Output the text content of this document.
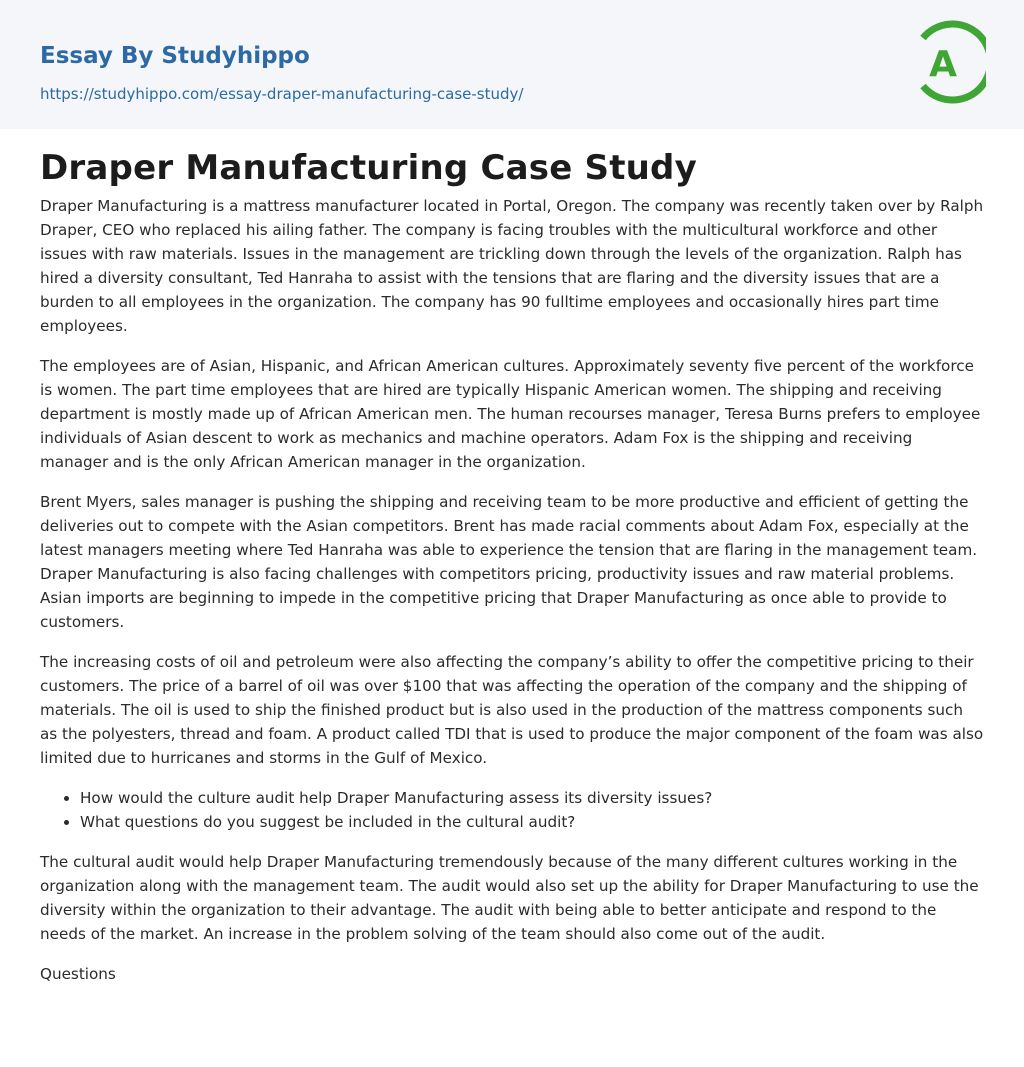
Essay By Studyhippo
https://studyhippo.com/essay-draper-manufacturing-case-study/
A
Draper Manufacturing Case Study

Draper Manufacturing is a mattress manufacturer located in Portal, Oregon. The company was recently taken over by Ralph Draper, CEO who replaced his ailing father. The company is facing troubles with the multicultural workforce and other issues with raw materials. Issues in the management are trickling down through the levels of the organization. Ralph has hired a diversity consultant, Ted Hanraha to assist with the tensions that are flaring and the diversity issues that are a burden to all employees in the organization. The company has 90 fulltime employees and occasionally hires part time employees.

The employees are of Asian, Hispanic, and African American cultures. Approximately seventy five percent of the workforce is women. The part time employees that are hired are typically Hispanic American women. The shipping and receiving department is mostly made up of African American men. The human recourses manager, Teresa Burns prefers to employee individuals of Asian descent to work as mechanics and machine operators. Adam Fox is the shipping and receiving manager and is the only African American manager in the organization.

Brent Myers, sales manager is pushing the shipping and receiving team to be more productive and efficient of getting the deliveries out to compete with the Asian competitors. Brent has made racial comments about Adam Fox, especially at the latest managers meeting where Ted Hanraha was able to experience the tension that are flaring in the management team. Draper Manufacturing is also facing challenges with competitors pricing, productivity issues and raw material problems. Asian imports are beginning to impede in the competitive pricing that Draper Manufacturing as once able to provide to customers.

The increasing costs of oil and petroleum were also affecting the company’s ability to offer the competitive pricing to their customers. The price of a barrel of oil was over $100 that was affecting the operation of the company and the shipping of materials. The oil is used to ship the finished product but is also used in the production of the mattress components such as the polyesters, thread and foam. A product called TDI that is used to produce the major component of the foam was also limited due to hurricanes and storms in the Gulf of Mexico.

• How would the culture audit help Draper Manufacturing assess its diversity issues?
• What questions do you suggest be included in the cultural audit?

The cultural audit would help Draper Manufacturing tremendously because of the many different cultures working in the organization along with the management team. The audit would also set up the ability for Draper Manufacturing to use the diversity within the organization to their advantage. The audit with being able to better anticipate and respond to the needs of the market. An increase in the problem solving of the team should also come out of the audit.

Questions
